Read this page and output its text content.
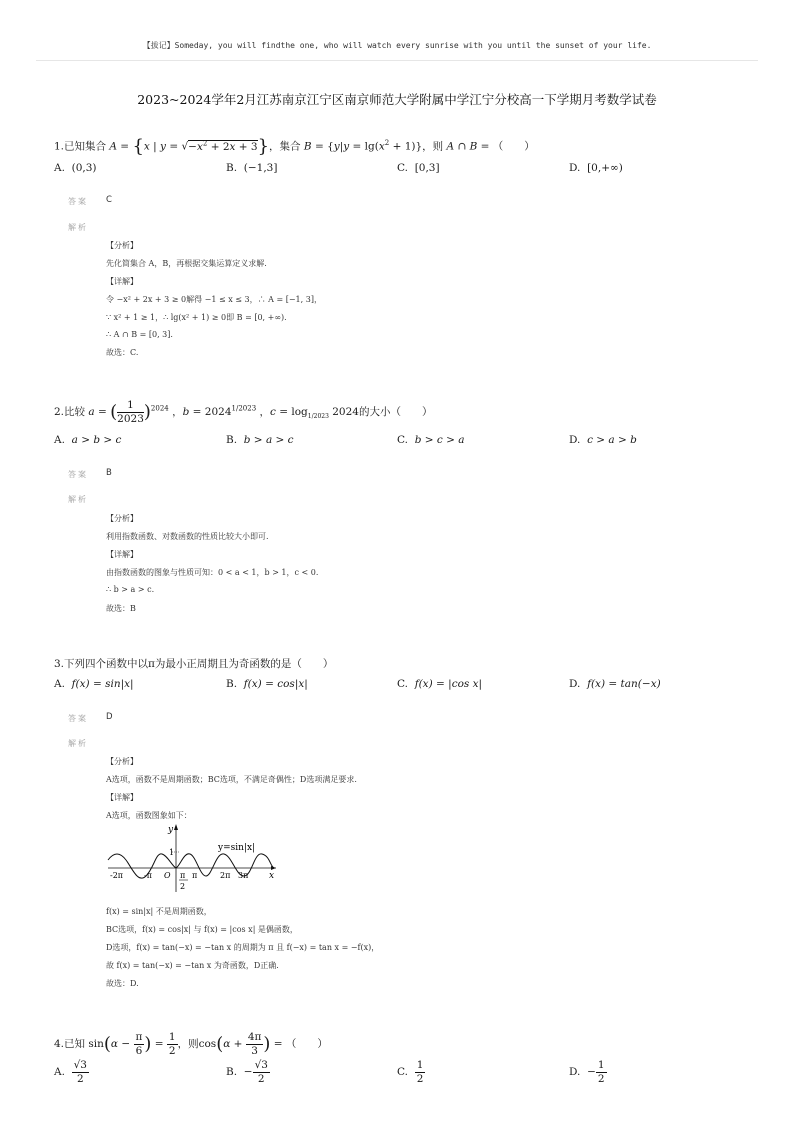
【拔记】Someday, you will findthe one, who will watch every sunrise with you until the sunset of your life.
2023~2024学年2月江苏南京江宁区南京师范大学附属中学江宁分校高一下学期月考数学试卷
1.已知集合 A = {x | $y = √-x^2 + 2x + 3$}，集合 $B = \{y|y = \lg(x^2 + 1)\}$，则 A ∩ B = （　　）
A. (0,3)	B. (−1,3]	C. [0,3]	D. [0,+∞)
答案 C
解析
【分析】
先化简集合 A，B，再根据交集运算定义求解.
【详解】
令 −x² + 2x + 3 ≥ 0解得 −1 ≤ x ≤ 3，∴ A = [−1, 3]，
∵ x² + 1 ≥ 1，∴ lg(x² + 1) ≥ 0即 B = [0, +∞).
∴ A ∩ B = [0, 3].
故选：C.
2.比较 a = ( $\frac{1}{2023} )^{2024}$ ，$b = 2024^{1/2023}$ ，$c = \log_{1/2023} 2024$的大小（　　）
A. a > b > c	B. b > a > c	C. b > c > a	D. c > a > b
答案 B
解析
【分析】
利用指数函数、对数函数的性质比较大小即可.
【详解】
由指数函数的图象与性质可知：0 < a < 1，b > 1，c < 0.
∴ b > a > c.
故选：B
3.下列四个函数中以π为最小正周期且为奇函数的是（　　）
A. f(x) = sin|x|	B. f(x) = cos|x|	C. f(x) = |cos x|	D. f(x) = tan(−x)
答案 D
解析
【分析】
A选项，函数不是周期函数；BC选项，不满足奇偶性；D选项满足要求.
【详解】
A选项，函数图象如下：
y
x
y=sin|x|
1
-2π	-π O π
2
π	2π 3π
f(x) = sin|x| 不是周期函数，
BC选项，f(x) = cos|x| 与 f(x) = |cos x| 是偶函数，
D选项，f(x) = tan(−x) = −tan x 的周期为 π 且 f(−x) = tan x = −f(x)，
故 f(x) = tan(−x) = −tan x 为奇函数，D正确.
故选：D.
4.已知 $\sin(\alpha - \frac{\pi}{6}$ ) = $\frac{1}{2}$ ，则$\cos(\alpha + \frac{4\pi}{3}$ ) = （　　）
A. $\frac{√3}{2}$	B. − $\frac{√3}{2}$	C. $\frac{1}{2}$	D. − $\frac{1}{2}$
